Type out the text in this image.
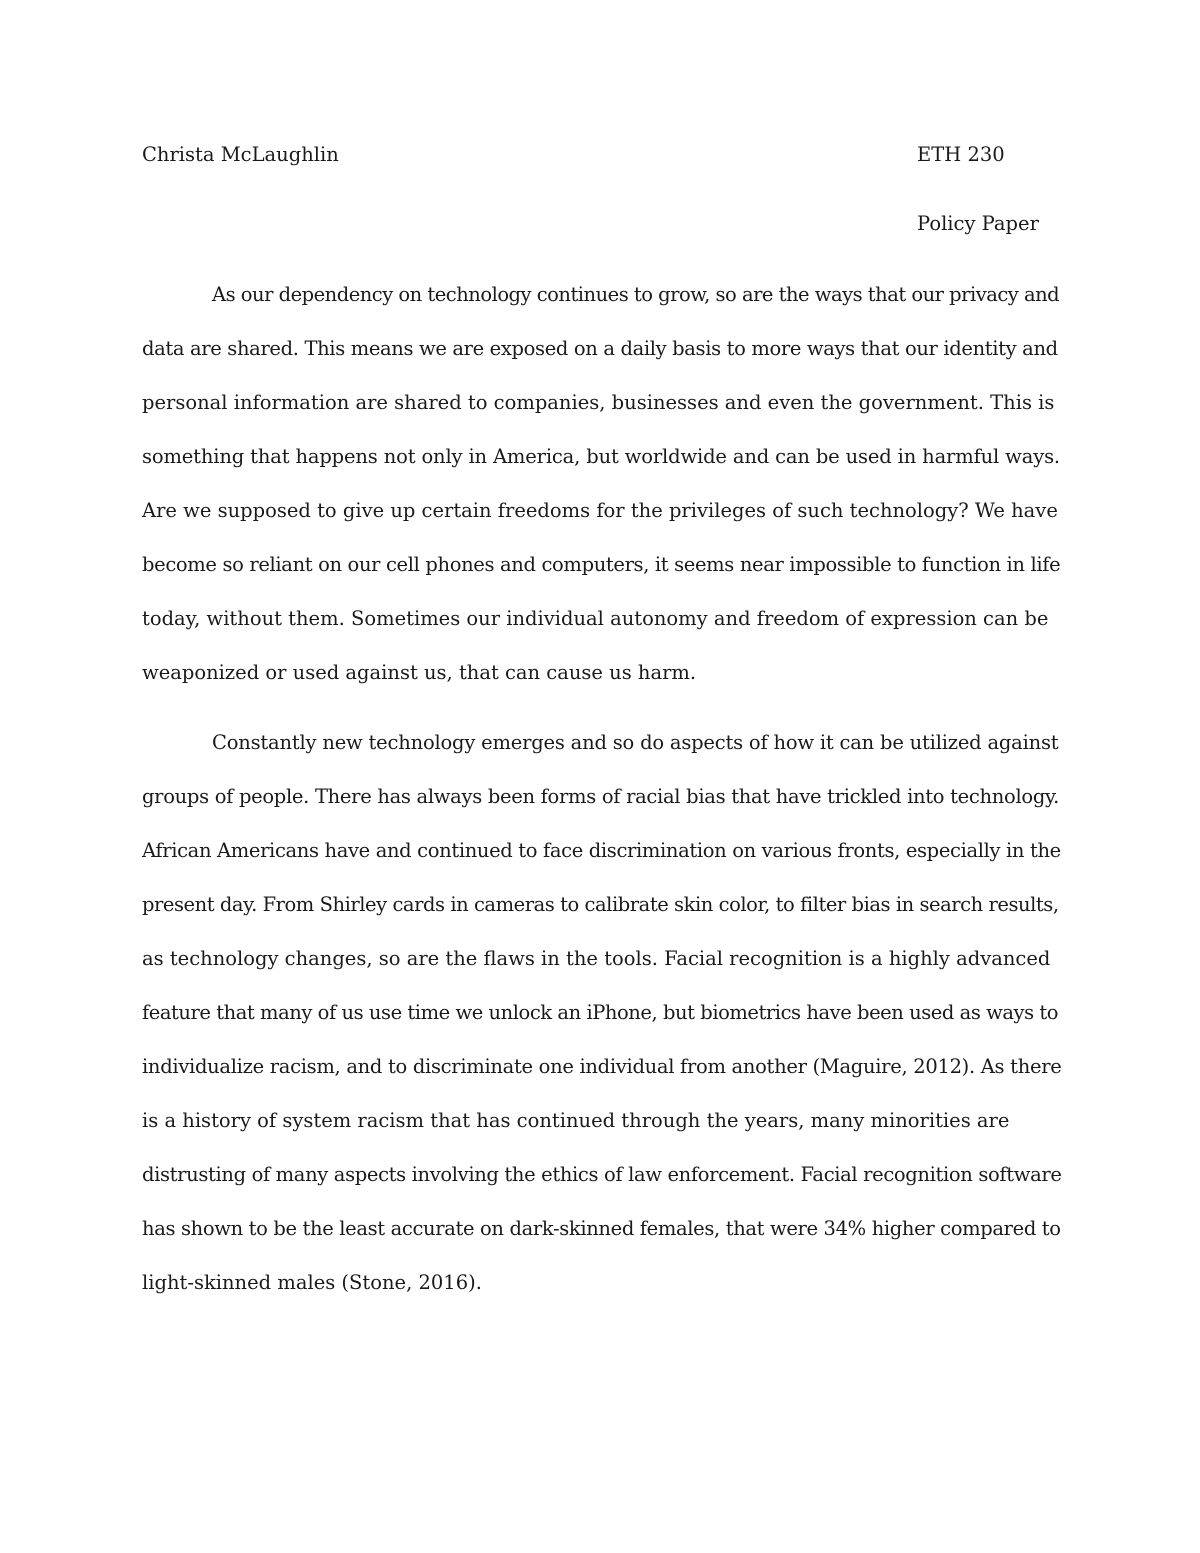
Christa McLaughlin	ETH 230
Policy Paper
As our dependency on technology continues to grow, so are the ways that our privacy and
data are shared. This means we are exposed on a daily basis to more ways that our identity and
personal information are shared to companies, businesses and even the government. This is
something that happens not only in America, but worldwide and can be used in harmful ways.
Are we supposed to give up certain freedoms for the privileges of such technology? We have
become so reliant on our cell phones and computers, it seems near impossible to function in life
today, without them. Sometimes our individual autonomy and freedom of expression can be
weaponized or used against us, that can cause us harm.
Constantly new technology emerges and so do aspects of how it can be utilized against
groups of people. There has always been forms of racial bias that have trickled into technology.
African Americans have and continued to face discrimination on various fronts, especially in the
present day. From Shirley cards in cameras to calibrate skin color, to filter bias in search results,
as technology changes, so are the flaws in the tools. Facial recognition is a highly advanced
feature that many of us use time we unlock an iPhone, but biometrics have been used as ways to
individualize racism, and to discriminate one individual from another (Maguire, 2012). As there
is a history of system racism that has continued through the years, many minorities are
distrusting of many aspects involving the ethics of law enforcement. Facial recognition software
has shown to be the least accurate on dark-skinned females, that were 34% higher compared to
light-skinned males (Stone, 2016).
